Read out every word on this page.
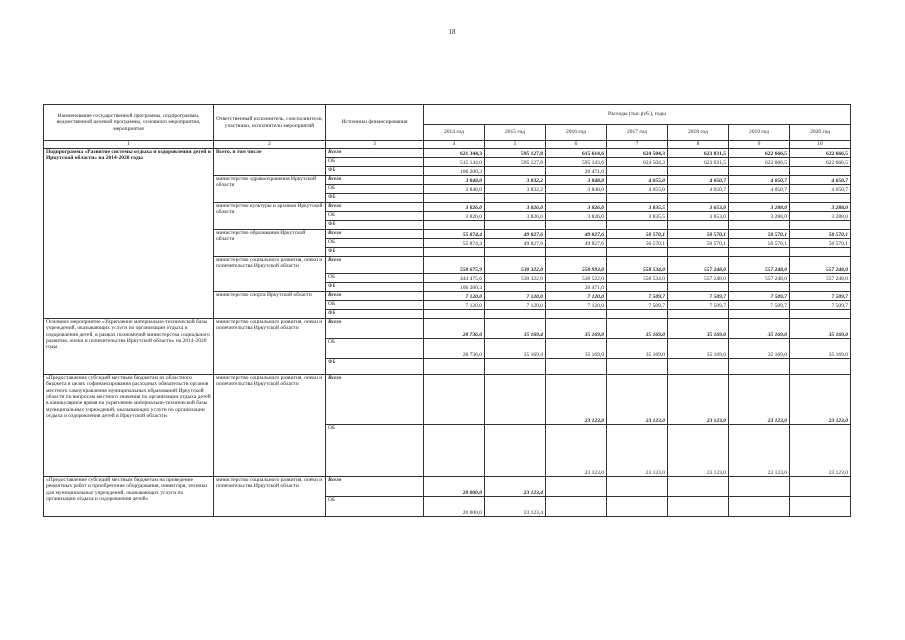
18
Наименование государственной программы, подпрограммы, ведомственной целевой программы, основного мероприятия, мероприятия	Ответственный исполнитель, соисполнители, участники, исполнители мероприятий	Источники финансирования	Расходы (тыс.руб.), годы						
			2014 год	2015 год	2016 год	2017 год	2018 год	2019 год	2020 год
1	2	3	4	5	6	7	8	9	10
Подпрограмма «Развитие системы отдыха и оздоровления детей в Иркутской области» на 2014-2020 годы	Всего, в том числе	Всего	621 344,3	595 127,8	615 614,6	624 504,3	623 031,5	622 666,5	622 666,5
		ОБ	515 144,0	595 127,8	595 143,6	624 504,3	623 031,5	622 666,5	622 666,5
		ФБ	106 200,3		20 471,0				
	министерство здравоохранения Иркутской области	Всего	3 848,0	3 832,2	3 848,0	4 055,0	4 050,7	4 050,7	4 050,7
		ОБ	3 848,0	3 832,2	3 848,0	4 055,0	4 050,7	4 050,7	4 050,7
		ФБ							
	министерство культуры и архивов Иркутской области	Всего	3 826,0	3 826,0	3 826,0	3 835,5	3 653,0	3 288,0	3 288,0
		ОБ	3 826,0	3 826,0	3 826,0	3 835,5	3 653,0	3 288,0	3 288,0
		ФБ							
	министерство образования Иркутской области	Всего	55 874,4	49 827,6	49 827,6	50 570,1	50 570,1	50 570,1	50 570,1
		ОБ	55 874,4	49 827,6	49 827,6	50 570,1	50 570,1	50 570,1	50 570,1
		ФБ							
	министерство социального развития, опеки и попечительства Иркутской области	Всего	550 675,9	530 322,0	550 993,0	558 534,0	557 248,0	557 248,0	557 248,0
		ОБ	444 475,6	530 322,0	530 522,0	558 534,0	557 248,0	557 248,0	557 248,0
		ФБ	106 200,3		20 471,0				
	министерство спорта Иркутской области	Всего	7 120,0	7 120,0	7 120,0	7 509,7	7 509,7	7 509,7	7 509,7
		ОБ	7 120,0	7 120,0	7 120,0	7 509,7	7 509,7	7 509,7	7 509,7
		ФБ							
Основное мероприятие «Укрепление материально-технической базы учреждений, оказывающих услуги по организации отдыха и оздоровления детей, в рамках полномочий министерства социального развития, опеки и попечительства Иркутской области» на 2014-2020 годы	министерство социального развития, опеки и попечительства Иркутской области	Всего	28 736,0	35 169,4	35 169,0	35 169,0	35 169,0	35 169,0	35 169,0
		ОБ	28 736,0	35 169,4	35 169,0	35 169,0	35 169,0	35 169,0	35 169,0
		ФБ							
«Предоставление субсидий местным бюджетам из областного бюджета в целях софинансирования расходных обязательств органов местного самоуправления муниципальных образований Иркутской области по вопросам местного значения по организации отдыха детей в каникулярное время на укрепление материально-технической базы муниципальных учреждений, оказывающих услуги по организации отдыха и оздоровления детей в Иркутской области»	министерство социального развития, опеки и попечительства Иркутской области	Всего			23 123,0	23 123,0	23 123,0	23 123,0	23 123,0
		ОБ			23 123,0	23 123,0	23 123,0	23 123,0	23 123,0
«Предоставление субсидий местным бюджетам на проведение ремонтных работ и приобретение оборудования, инвентаря, техники для муниципальных учреждений, оказывающих услуги по организации отдыха и оздоровления детей»	министерство социального развития, опеки и попечительства Иркутской области	Всего	20 000,0	23 123,4					
		ОБ	20 000,0	23 123,4					
